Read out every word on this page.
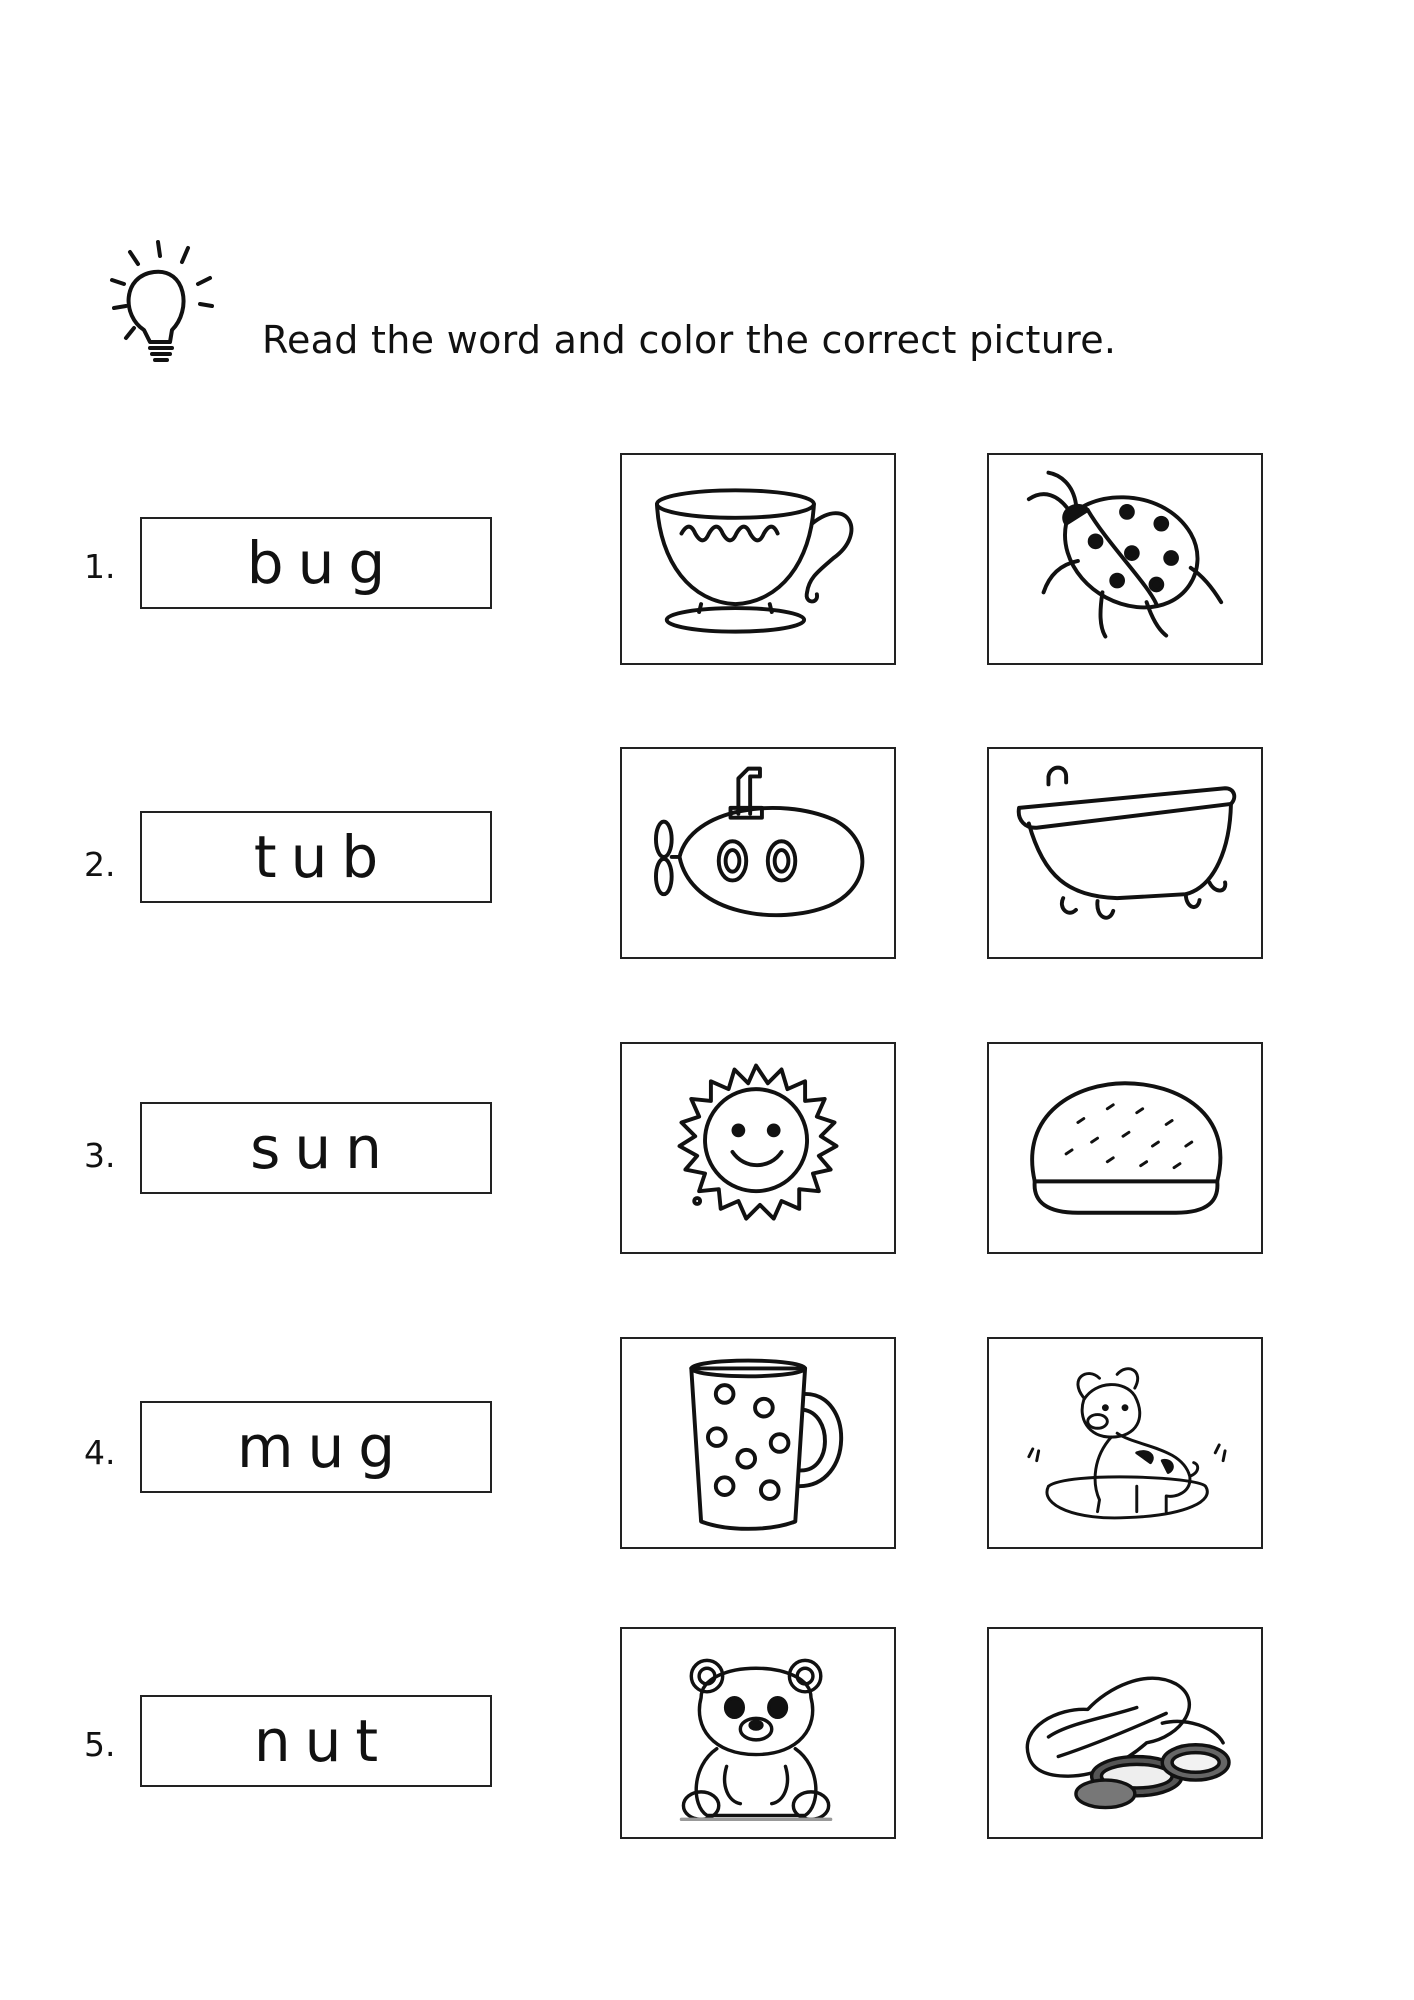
Read the word and color the correct picture.
1. bug
2. tub
3. sun
4. mug
5. nut
